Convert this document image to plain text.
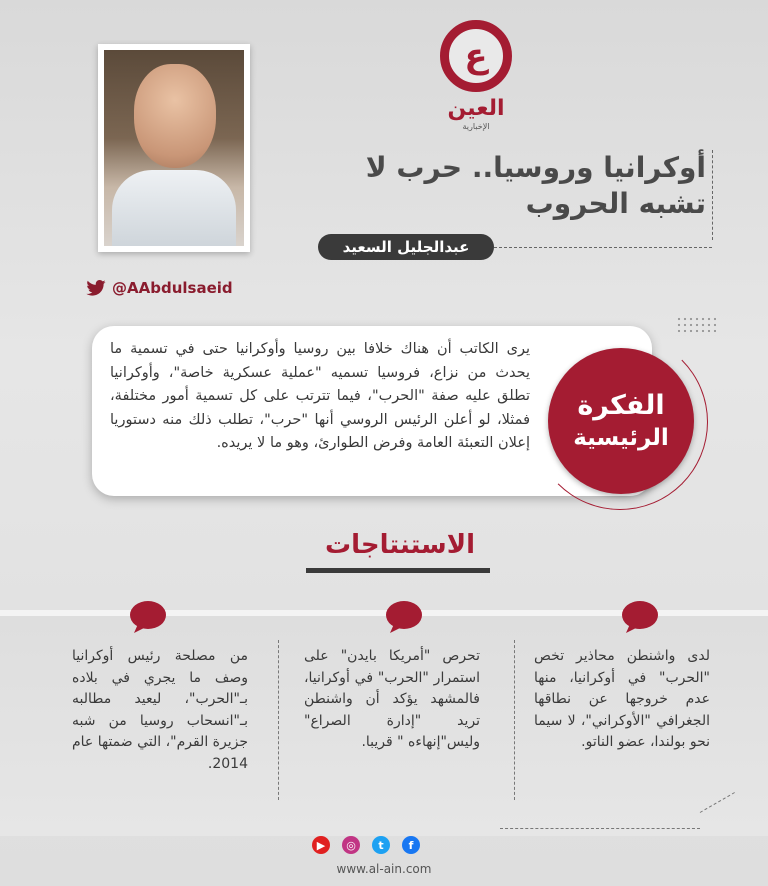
@AAbdulsaeid
ع
العين
الإخبارية
أوكرانيا وروسيا.. حرب لا تشبه الحروب
عبدالجليل السعيد
يرى الكاتب أن هناك خلافا بين روسيا وأوكرانيا حتى في تسمية ما يحدث من نزاع، فروسيا تسميه "عملية عسكرية خاصة"، وأوكرانيا تطلق عليه صفة "الحرب"، فيما تترتب على كل تسمية أمور مختلفة، فمثلا، لو أعلن الرئيس الروسي أنها "حرب"، تطلب ذلك منه دستوريا إعلان التعبئة العامة وفرض الطوارئ، وهو ما لا يريده.
الفكرة
الرئيسية
الاستنتاجات
لدى واشنطن محاذير تخص "الحرب" في أوكرانيا، منها عدم خروجها عن نطاقها الجغرافي "الأوكراني"، لا سيما نحو بولندا، عضو الناتو.
تحرص "أمريكا بايدن" على استمرار "الحرب" في أوكرانيا، فالمشهد يؤكد أن واشنطن تريد "إدارة الصراع" وليس"إنهاءه " قريبا.
من مصلحة رئيس أوكرانيا وصف ما يجري في بلاده بـ"الحرب"، ليعيد مطالبه بـ"انسحاب روسيا من شبه جزيرة القرم"، التي ضمتها عام 2014.
▶	◎	t	f
www.al-ain.com
